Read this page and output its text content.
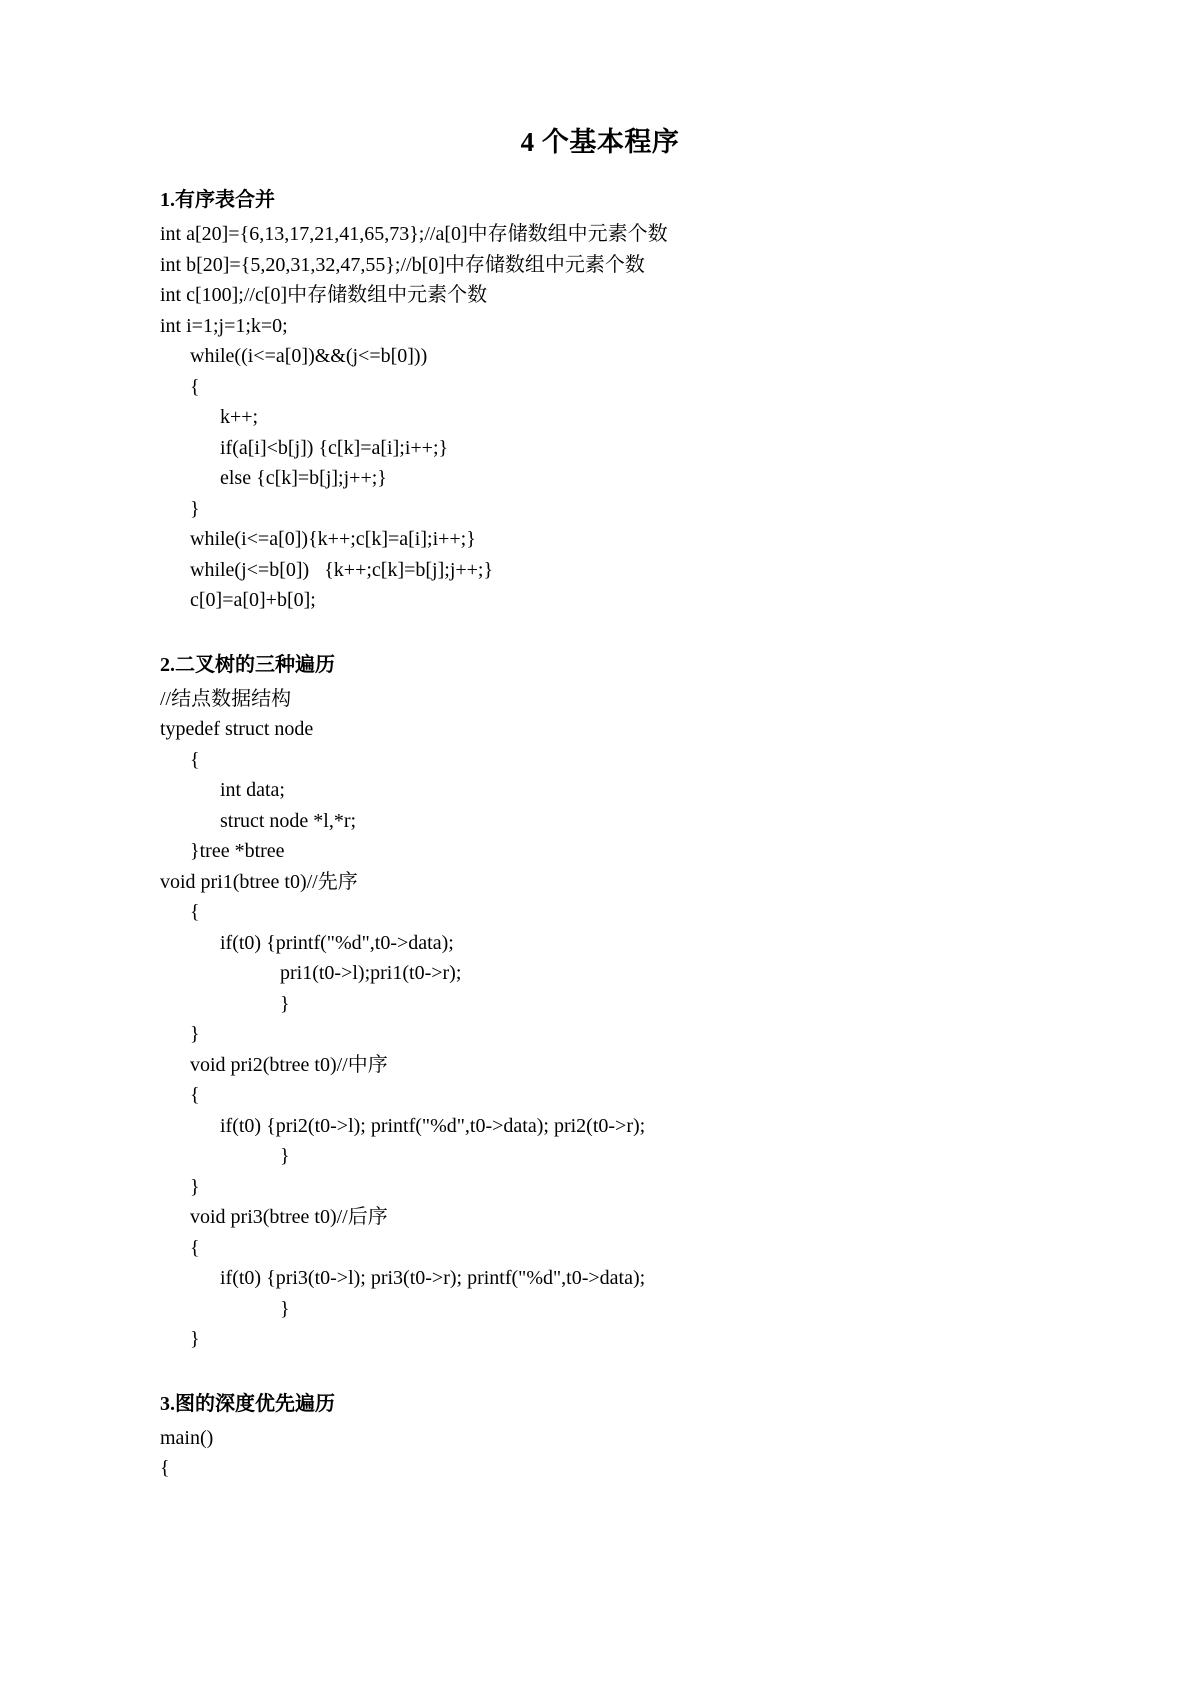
4 个基本程序
1.有序表合并
int a[20]={6,13,17,21,41,65,73};//a[0]中存储数组中元素个数
int b[20]={5,20,31,32,47,55};//b[0]中存储数组中元素个数
int c[100];//c[0]中存储数组中元素个数
int i=1;j=1;k=0;
while((i<=a[0])&&(j<=b[0]))
{
k++;
if(a[i]<b[j]) {c[k]=a[i];i++;}
else {c[k]=b[j];j++;}
}
while(i<=a[0]){k++;c[k]=a[i];i++;}
while(j<=b[0])   {k++;c[k]=b[j];j++;}
c[0]=a[0]+b[0];
2.二叉树的三种遍历
//结点数据结构
typedef struct node
{
int data;
struct node *l,*r;
}tree *btree
void pri1(btree t0)//先序
{
if(t0) {printf("%d",t0->data);
pri1(t0->l);pri1(t0->r);
}
}
void pri2(btree t0)//中序
{
if(t0) {pri2(t0->l); printf("%d",t0->data); pri2(t0->r);
}
}
void pri3(btree t0)//后序
{
if(t0) {pri3(t0->l); pri3(t0->r); printf("%d",t0->data);
}
}
3.图的深度优先遍历
main()
{
